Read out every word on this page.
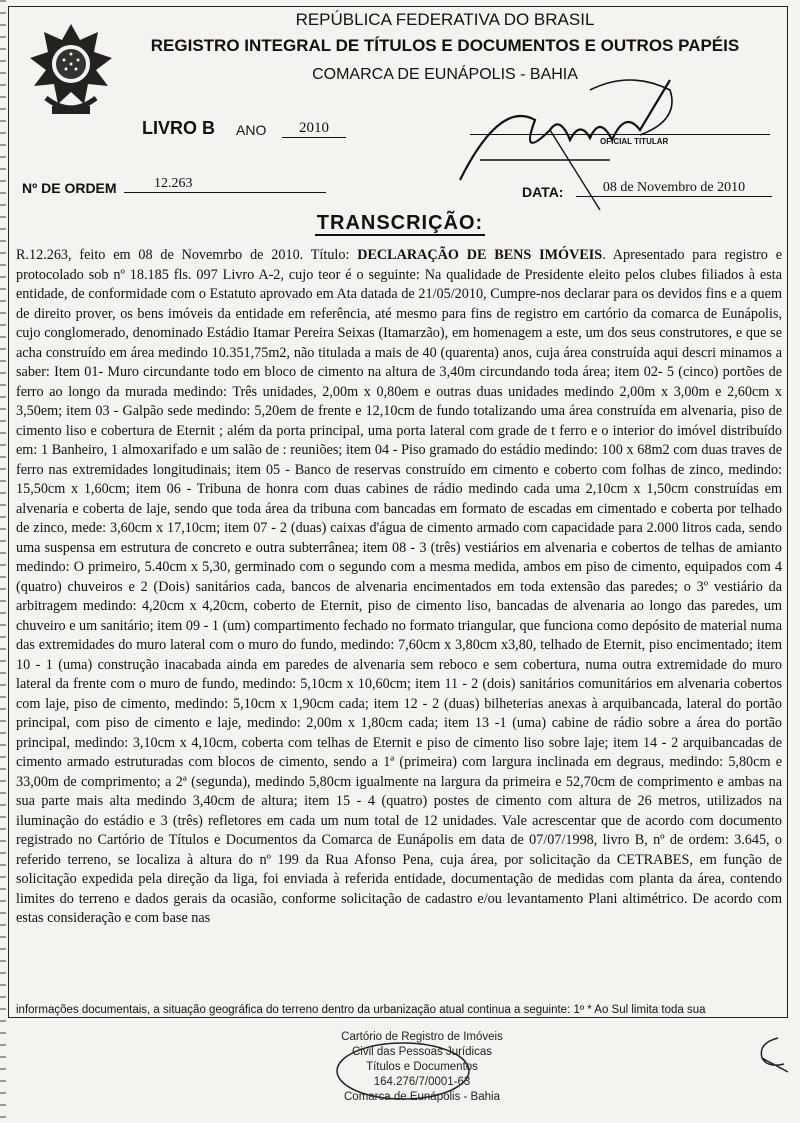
REPÚBLICA FEDERATIVA DO BRASIL
REGISTRO INTEGRAL DE TÍTULOS E DOCUMENTOS E OUTROS PAPÉIS
COMARCA DE EUNÁPOLIS - BAHIA
LIVRO B ANO	2010
OFICIAL TITULAR
Nº DE ORDEM	12.263
DATA:	08 de Novembro de 2010
TRANSCRIÇÃO:
R.12.263, feito em 08 de Novemrbo de 2010. Título: DECLARAÇÃO DE BENS IMÓVEIS. Apresentado para registro e protocolado sob nº 18.185 fls. 097 Livro A-2, cujo teor é o seguinte: Na qualidade de Presidente eleito pelos clubes filiados à esta entidade, de conformidade com o Estatuto aprovado em Ata datada de 21/05/2010, Cumpre-nos declarar para os devidos fins e a quem de direito prover, os bens imóveis da entidade em referência, até mesmo para fins de registro em cartório da comarca de Eunápolis, cujo conglomerado, denominado Estádio Itamar Pereira Seixas (Itamarzão), em homenagem a este, um dos seus construtores, e que se acha construído em área medindo 10.351,75m2, não titulada a mais de 40 (quarenta) anos, cuja área construída aqui descri minamos a saber: Item 01- Muro circundante todo em bloco de cimento na altura de 3,40m circundando toda área; item 02- 5 (cinco) portões de ferro ao longo da murada medindo: Três unidades, 2,00m x 0,80em e outras duas unidades medindo 2,00m x 3,00m e 2,60cm x 3,50em; item 03 - Galpão sede medindo: 5,20em de frente e 12,10cm de fundo totalizando uma área construída em alvenaria, piso de cimento liso e cobertura de Eternit ; além da porta principal, uma porta lateral com grade de t ferro e o interior do imóvel distribuído em: 1 Banheiro, 1 almoxarifado e um salão de : reuniões; item 04 - Piso gramado do estádio medindo: 100 x 68m2 com duas traves de ferro nas extremidades longitudinais; item 05 - Banco de reservas construído em cimento e coberto com folhas de zinco, medindo: 15,50cm x 1,60cm; item 06 - Tribuna de honra com duas cabines de rádio medindo cada uma 2,10cm x 1,50cm construídas em alvenaria e coberta de laje, sendo que toda área da tribuna com bancadas em formato de escadas em cimentado e coberta por telhado de zinco, mede: 3,60cm x 17,10cm; item 07 - 2 (duas) caixas d'água de cimento armado com capacidade para 2.000 litros cada, sendo uma suspensa em estrutura de concreto e outra subterrânea; item 08 - 3 (três) vestiários em alvenaria e cobertos de telhas de amianto medindo: O primeiro, 5.40cm x 5,30, germinado com o segundo com a mesma medida, ambos em piso de cimento, equipados com 4 (quatro) chuveiros e 2 (Dois) sanitários cada, bancos de alvenaria encimentados em toda extensão das paredes; o 3º vestiário da arbitragem medindo: 4,20cm x 4,20cm, coberto de Eternit, piso de cimento liso, bancadas de alvenaria ao longo das paredes, um chuveiro e um sanitário; item 09 - 1 (um) compartimento fechado no formato triangular, que funciona como depósito de material numa das extremidades do muro lateral com o muro do fundo, medindo: 7,60cm x 3,80cm x3,80, telhado de Eternit, piso encimentado; item 10 - 1 (uma) construção inacabada ainda em paredes de alvenaria sem reboco e sem cobertura, numa outra extremidade do muro lateral da frente com o muro de fundo, medindo: 5,10cm x 10,60cm; item 11 - 2 (dois) sanitários comunitários em alvenaria cobertos com laje, piso de cimento, medindo: 5,10cm x 1,90cm cada; item 12 - 2 (duas) bilheterias anexas à arquibancada, lateral do portão principal, com piso de cimento e laje, medindo: 2,00m x 1,80cm cada; item 13 -1 (uma) cabine de rádio sobre a área do portão principal, medindo: 3,10cm x 4,10cm, coberta com telhas de Eternit e piso de cimento liso sobre laje; item 14 - 2 arquibancadas de cimento armado estruturadas com blocos de cimento, sendo a 1ª (primeira) com largura inclinada em degraus, medindo: 5,80cm e 33,00m de comprimento; a 2ª (segunda), medindo 5,80cm igualmente na largura da primeira e 52,70cm de comprimento e ambas na sua parte mais alta medindo 3,40cm de altura; item 15 - 4 (quatro) postes de cimento com altura de 26 metros, utilizados na iluminação do estádio e 3 (três) refletores em cada um num total de 12 unidades. Vale acrescentar que de acordo com documento registrado no Cartório de Títulos e Documentos da Comarca de Eunápolis em data de 07/07/1998, livro B, nº de ordem: 3.645, o referido terreno, se localiza à altura do nº 199 da Rua Afonso Pena, cuja área, por solicitação da CETRABES, em função de solicitação expedida pela direção da liga, foi enviada à referida entidade, documentação de medidas com planta da área, contendo limites do terreno e dados gerais da ocasião, conforme solicitação de cadastro e/ou levantamento Plani altimétrico. De acordo com estas consideração e com base nas
informações documentais, a situação geográfica do terreno dentro da urbanização atual continua a seguinte: 1º * Ao Sul limita toda sua
Cartório de Registro de Imóveis
Civil das Pessoas Jurídicas
Títulos e Documentos
164.276/7/0001-63
Comarca de Eunápolis - Bahia
